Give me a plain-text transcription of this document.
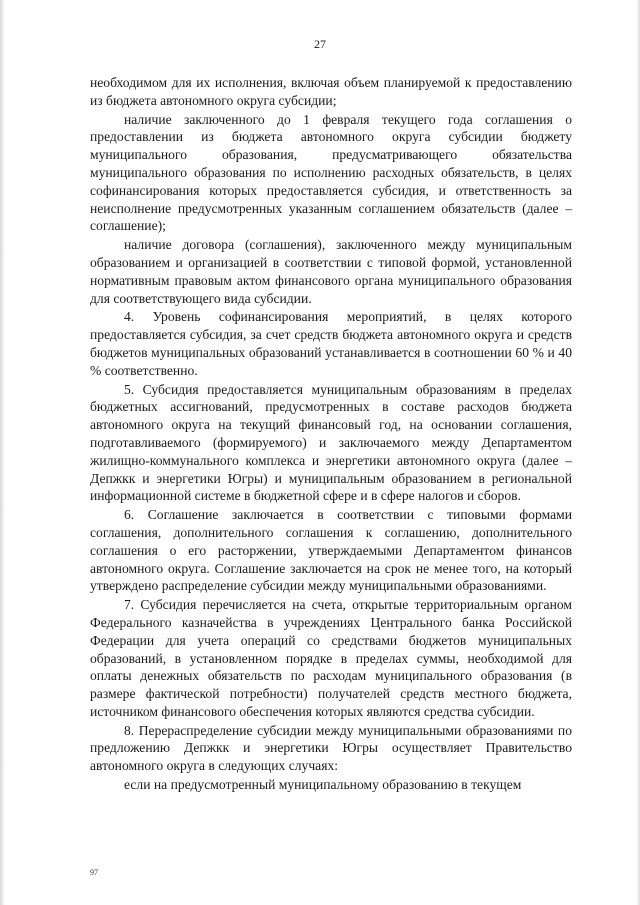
27

необходимом для их исполнения, включая объем планируемой к предоставлению из бюджета автономного округа субсидии;

наличие заключенного до 1 февраля текущего года соглашения о предоставлении из бюджета автономного округа субсидии бюджету муниципального образования, предусматривающего обязательства муниципального образования по исполнению расходных обязательств, в целях софинансирования которых предоставляется субсидия, и ответственность за неисполнение предусмотренных указанным соглашением обязательств (далее – соглашение);

наличие договора (соглашения), заключенного между муниципальным образованием и организацией в соответствии с типовой формой, установленной нормативным правовым актом финансового органа муниципального образования для соответствующего вида субсидии.

4. Уровень софинансирования мероприятий, в целях которого предоставляется субсидия, за счет средств бюджета автономного округа и средств бюджетов муниципальных образований устанавливается в соотношении 60 % и 40 % соответственно.

5. Субсидия предоставляется муниципальным образованиям в пределах бюджетных ассигнований, предусмотренных в составе расходов бюджета автономного округа на текущий финансовый год, на основании соглашения, подготавливаемого (формируемого) и заключаемого между Департаментом жилищно-коммунального комплекса и энергетики автономного округа (далее – Депжкк и энергетики Югры) и муниципальным образованием в региональной информационной системе в бюджетной сфере и в сфере налогов и сборов.

6. Соглашение заключается в соответствии с типовыми формами соглашения, дополнительного соглашения к соглашению, дополнительного соглашения о его расторжении, утверждаемыми Департаментом финансов автономного округа. Соглашение заключается на срок не менее того, на который утверждено распределение субсидии между муниципальными образованиями.

7. Субсидия перечисляется на счета, открытые территориальным органом Федерального казначейства в учреждениях Центрального банка Российской Федерации для учета операций со средствами бюджетов муниципальных образований, в установленном порядке в пределах суммы, необходимой для оплаты денежных обязательств по расходам муниципального образования (в размере фактической потребности) получателей средств местного бюджета, источником финансового обеспечения которых являются средства субсидии.

8. Перераспределение субсидии между муниципальными образованиями по предложению Депжкк и энергетики Югры осуществляет Правительство автономного округа в следующих случаях:

если на предусмотренный муниципальному образованию в текущем

97
